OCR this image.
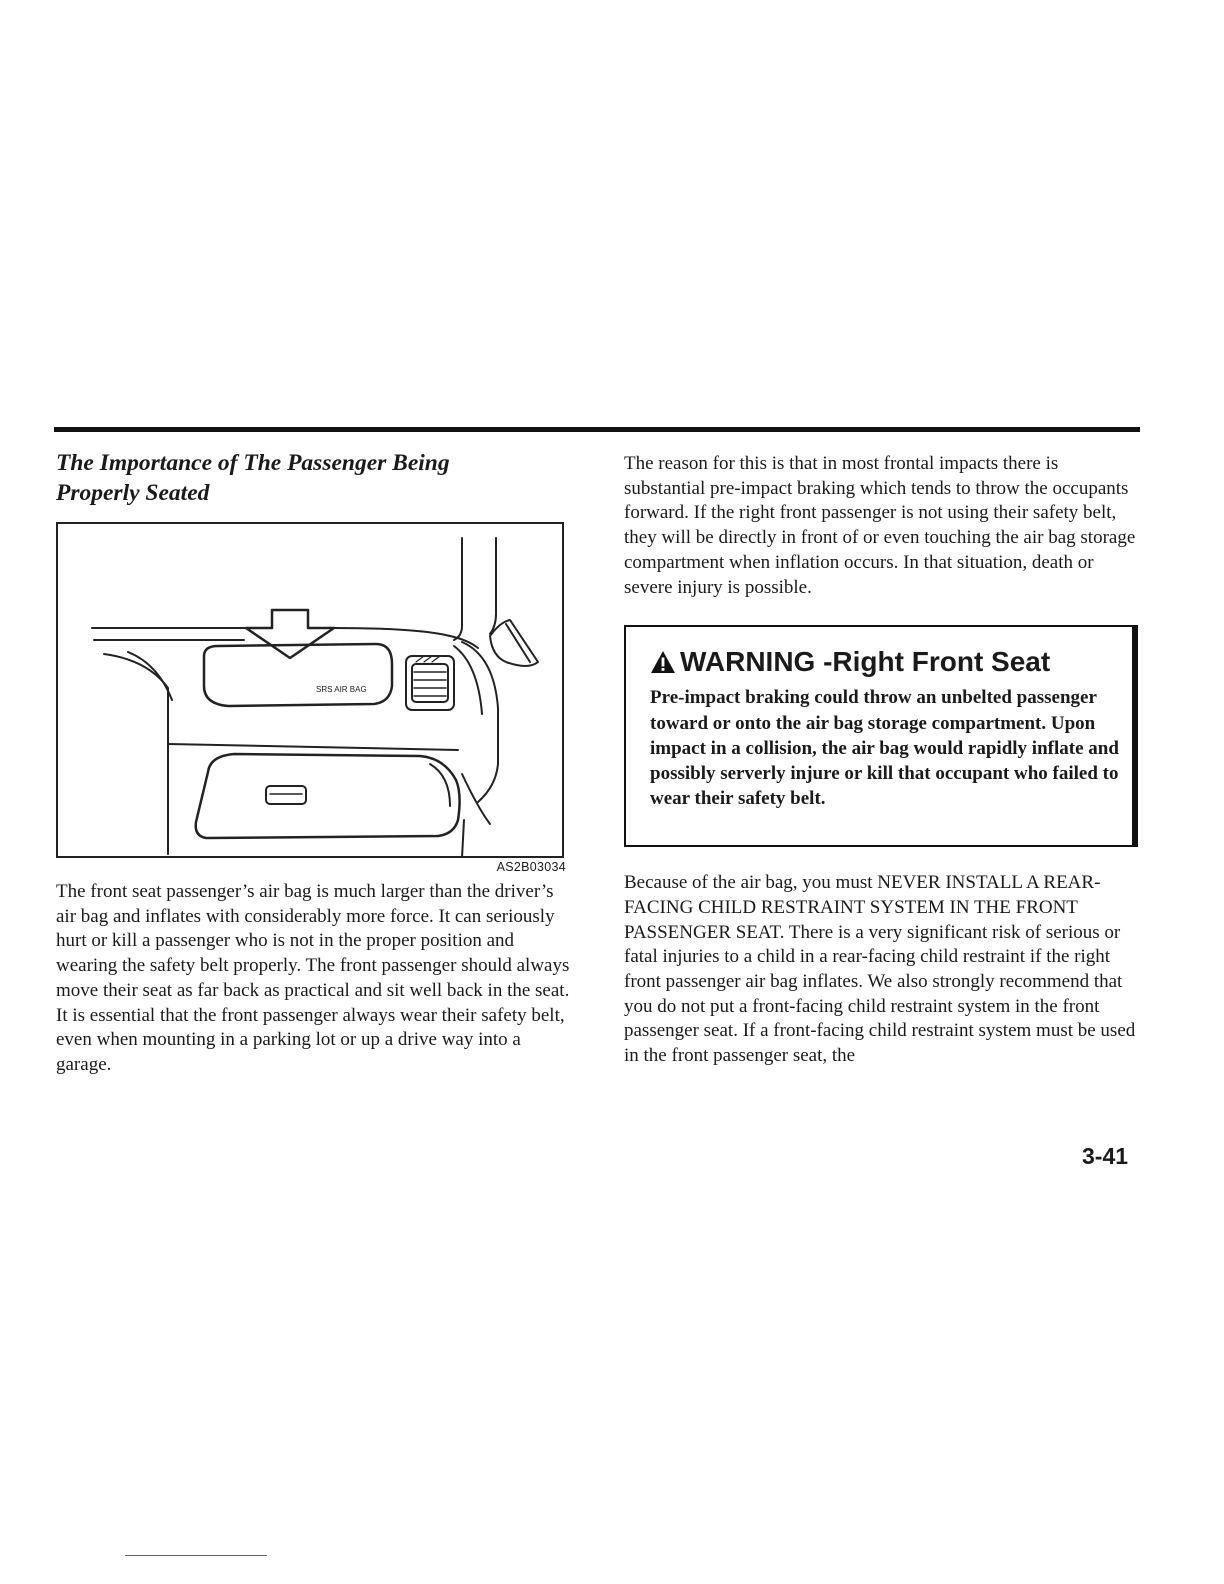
The Importance of The Passenger Being Properly Seated
SRS AIR BAG
AS2B03034

The front seat passenger’s air bag is much larger than the driver’s air bag and inflates with considerably more force. It can seriously hurt or kill a passenger who is not in the proper position and wearing the safety belt properly. The front passenger should always move their seat as far back as practical and sit well back in the seat. It is essential that the front passenger always wear their safety belt, even when mounting in a parking lot or up a drive way into a garage.

The reason for this is that in most frontal impacts there is substantial pre-impact braking which tends to throw the occupants forward. If the right front passenger is not using their safety belt, they will be directly in front of or even touching the air bag storage compartment when inflation occurs. In that situation, death or severe injury is possible.

WARNING -Right Front Seat
Pre-impact braking could throw an unbelted passenger toward or onto the air bag storage compartment. Upon impact in a collision, the air bag would rapidly inflate and possibly serverly injure or kill that occupant who failed to wear their safety belt.

Because of the air bag, you must NEVER INSTALL A REAR-FACING CHILD RESTRAINT SYSTEM IN THE FRONT PASSENGER SEAT. There is a very significant risk of serious or fatal injuries to a child in a rear-facing child restraint if the right front passenger air bag inflates. We also strongly recommend that you do not put a front-facing child restraint system in the front passenger seat. If a front-facing child restraint system must be used in the front passenger seat, the

3-41
